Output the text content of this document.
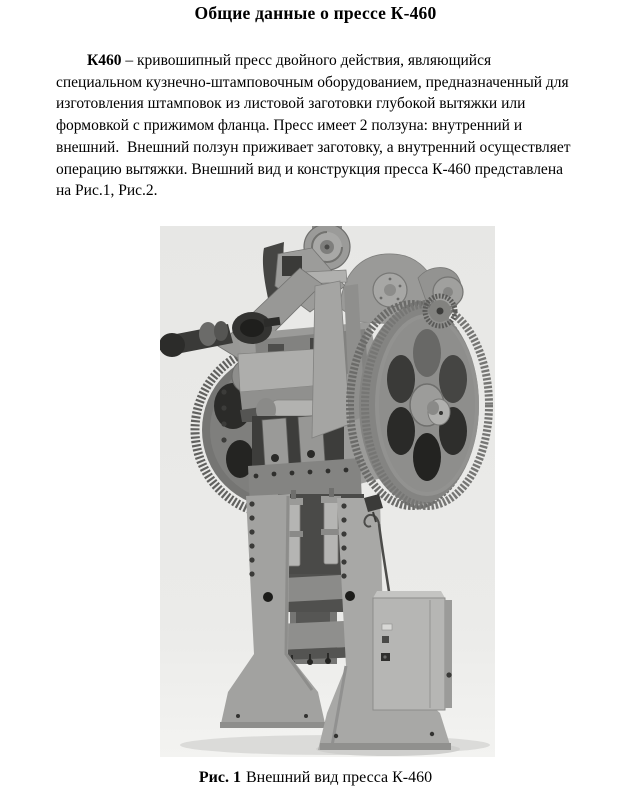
Общие данные о прессе К-460
К460 – кривошипный пресс двойного действия, являющийся
специальном кузнечно-штамповочным оборудованием, предназначенный для
изготовления штамповок из листовой заготовки глубокой вытяжки или
формовкой с прижимом фланца. Пресс имеет 2 ползуна: внутренний и
внешний.  Внешний ползун приживает заготовку, а внутренний осуществляет
операцию вытяжки. Внешний вид и конструкция пресса К-460 представлена
на Рис.1, Рис.2.
Рис. 1 Внешний вид пресса К-460
